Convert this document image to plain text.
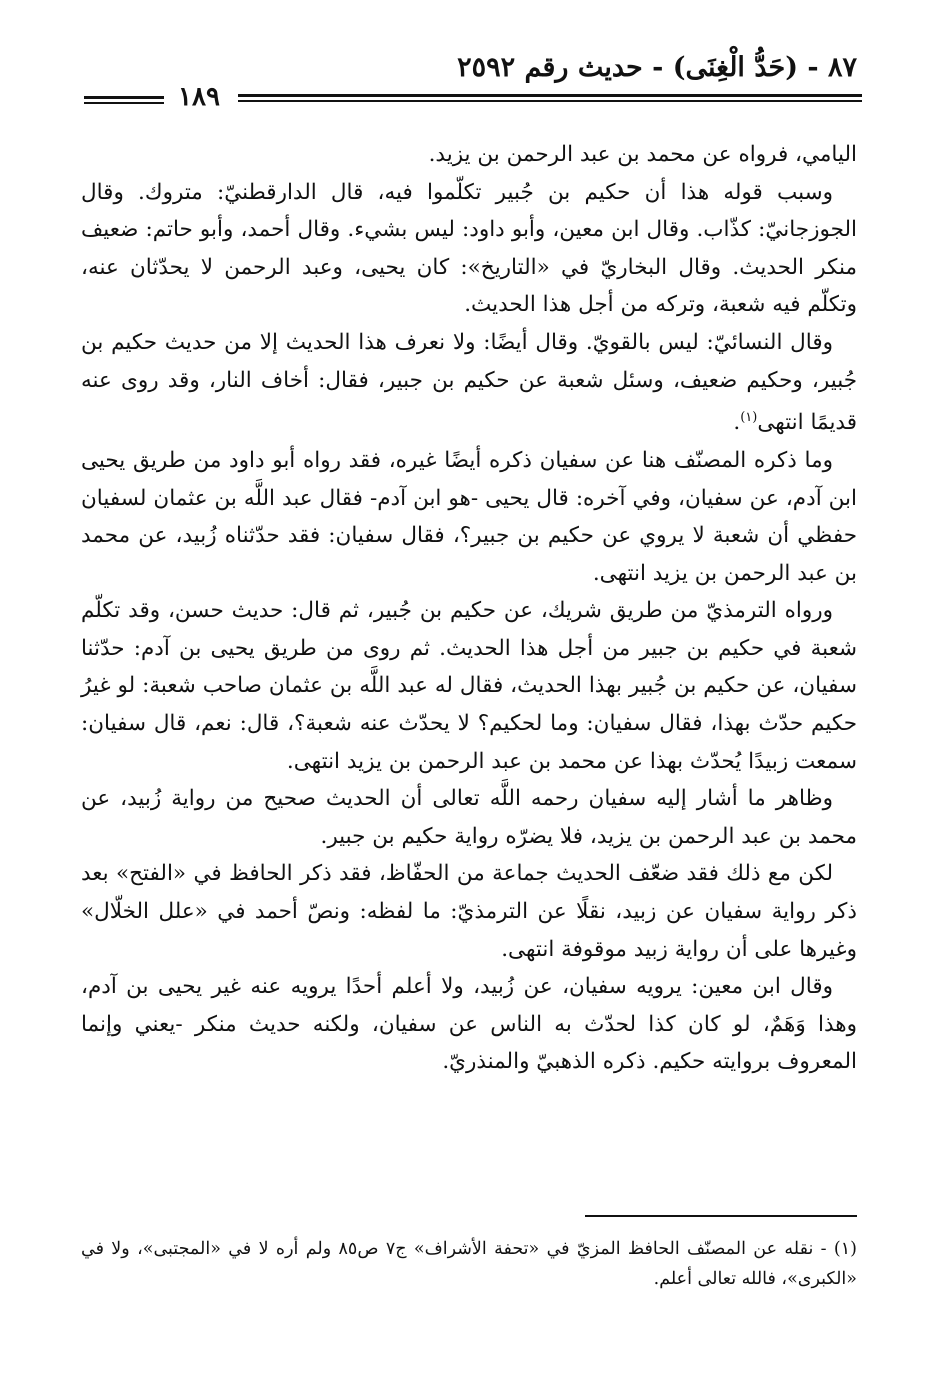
٨٧ - (حَدُّ الْغِنَى) - حديث رقم ٢٥٩٢
١٨٩

اليامي، فرواه عن محمد بن عبد الرحمن بن يزيد.

وسبب قوله هذا أن حكيم بن جُبير تكلّموا فيه، قال الدارقطنيّ: متروك. وقال الجوزجانيّ: كذّاب. وقال ابن معين، وأبو داود: ليس بشيء. وقال أحمد، وأبو حاتم: ضعيف منكر الحديث. وقال البخاريّ في «التاريخ»: كان يحيى، وعبد الرحمن لا يحدّثان عنه، وتكلّم فيه شعبة، وتركه من أجل هذا الحديث.

وقال النسائيّ: ليس بالقويّ. وقال أيضًا: ولا نعرف هذا الحديث إلا من حديث حكيم بن جُبير، وحكيم ضعيف، وسئل شعبة عن حكيم بن جبير، فقال: أخاف النار، وقد روى عنه قديمًا انتهى$^{(١)}$.

وما ذكره المصنّف هنا عن سفيان ذكره أيضًا غيره، فقد رواه أبو داود من طريق يحيى ابن آدم، عن سفيان، وفي آخره: قال يحيى -هو ابن آدم- فقال عبد اللَّه بن عثمان لسفيان حفظي أن شعبة لا يروي عن حكيم بن جبير؟، فقال سفيان: فقد حدّثناه زُبيد، عن محمد بن عبد الرحمن بن يزيد انتهى.

ورواه الترمذيّ من طريق شريك، عن حكيم بن جُبير، ثم قال: حديث حسن، وقد تكلّم شعبة في حكيم بن جبير من أجل هذا الحديث. ثم روى من طريق يحيى بن آدم: حدّثنا سفيان، عن حكيم بن جُبير بهذا الحديث، فقال له عبد اللَّه بن عثمان صاحب شعبة: لو غيرُ حكيم حدّث بهذا، فقال سفيان: وما لحكيم؟ لا يحدّث عنه شعبة؟، قال: نعم، قال سفيان: سمعت زبيدًا يُحدّث بهذا عن محمد بن عبد الرحمن بن يزيد انتهى.

وظاهر ما أشار إليه سفيان رحمه اللَّه تعالى أن الحديث صحيح من رواية زُبيد، عن محمد بن عبد الرحمن بن يزيد، فلا يضرّه رواية حكيم بن جبير.

لكن مع ذلك فقد ضعّف الحديث جماعة من الحفّاظ، فقد ذكر الحافظ في «الفتح» بعد ذكر رواية سفيان عن زبيد، نقلًا عن الترمذيّ: ما لفظه: ونصّ أحمد في «علل الخلّال» وغيرها على أن رواية زبيد موقوفة انتهى.

وقال ابن معين: يرويه سفيان، عن زُبيد، ولا أعلم أحدًا يرويه عنه غير يحيى بن آدم، وهذا وَهَمٌ، لو كان كذا لحدّث به الناس عن سفيان، ولكنه حديث منكر -يعني وإنما المعروف بروايته حكيم. ذكره الذهبيّ والمنذريّ.

(١) - نقله عن المصنّف الحافظ المزيّ في «تحفة الأشراف» ج٧ ص٨٥ ولم أره لا في «المجتبى»، ولا في «الكبرى»، فالله تعالى أعلم.
